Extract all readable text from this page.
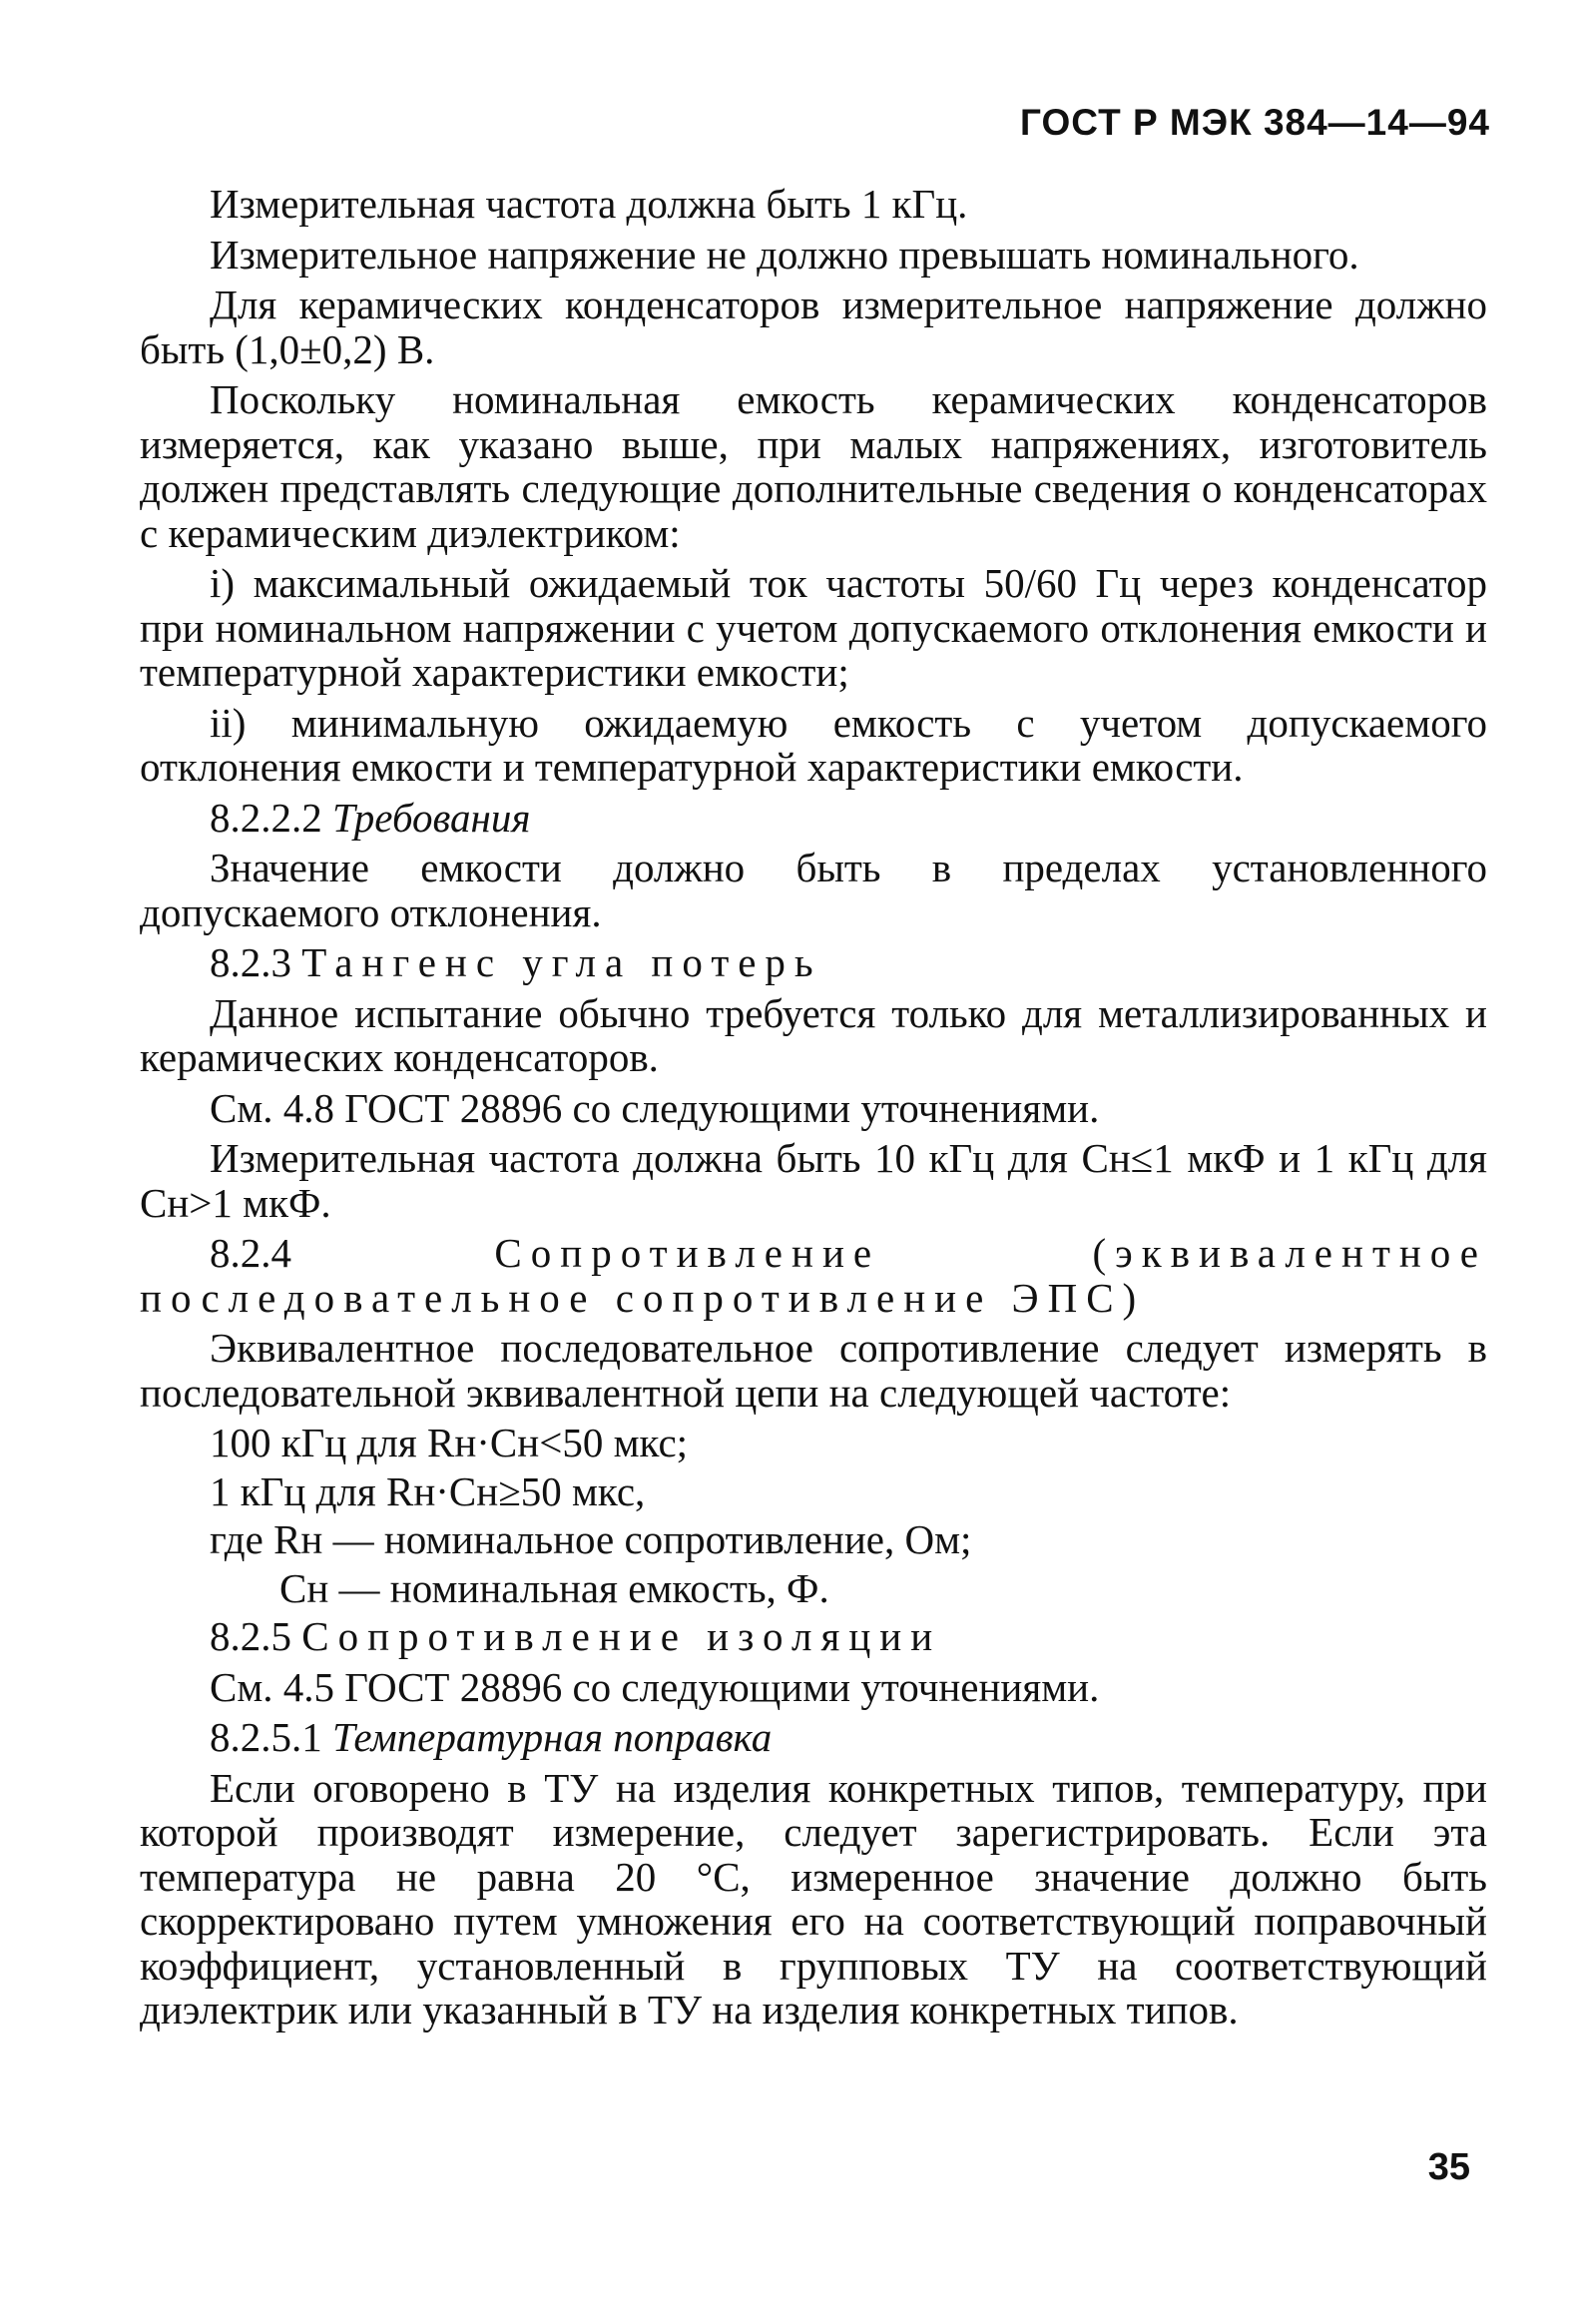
ГОСТ Р МЭК 384—14—94

Измерительная частота должна быть 1 кГц.

Измерительное напряжение не должно превышать номинального.

Для керамических конденсаторов измерительное напряжение должно быть (1,0±0,2) В.

Поскольку номинальная емкость керамических конденсаторов измеряется, как указано выше, при малых напряжениях, изготовитель должен представлять следующие дополнительные сведения о конденсаторах с керамическим диэлектриком:

i) максимальный ожидаемый ток частоты 50/60 Гц через конденсатор при номинальном напряжении с учетом допускаемого отклонения емкости и температурной характеристики емкости;

ii) минимальную ожидаемую емкость с учетом допускаемого отклонения емкости и температурной характеристики емкости.

8.2.2.2 Требования

Значение емкости должно быть в пределах установленного допускаемого отклонения.

8.2.3 Тангенс угла потерь

Данное испытание обычно требуется только для металлизированных и керамических конденсаторов.

См. 4.8 ГОСТ 28896 со следующими уточнениями.

Измерительная частота должна быть 10 кГц для Cн≤1 мкФ и 1 кГц для Cн>1 мкФ.

8.2.4	Сопротивление (эквивалентное последовательное сопротивление ЭПС)

Эквивалентное последовательное сопротивление следует измерять в последовательной эквивалентной цепи на следующей частоте:

100 кГц для Rн·Cн<50 мкс;

1 кГц для Rн·Cн≥50 мкс,

где Rн — номинальное сопротивление, Ом;

Cн — номинальная емкость, Ф.

8.2.5 Сопротивление изоляции

См. 4.5 ГОСТ 28896 со следующими уточнениями.

8.2.5.1 Температурная поправка

Если оговорено в ТУ на изделия конкретных типов, температуру, при которой производят измерение, следует зарегистрировать. Если эта температура не равна 20 °С, измеренное значение должно быть скорректировано путем умножения его на соответствующий поправочный коэффициент, установленный в групповых ТУ на соответствующий диэлектрик или указанный в ТУ на изделия конкретных типов.

35
